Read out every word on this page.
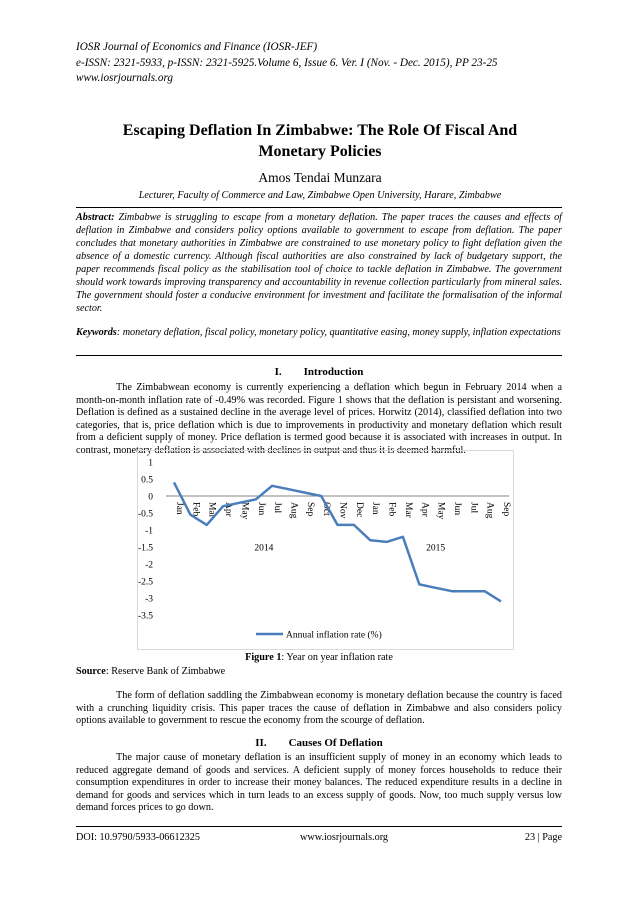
IOSR Journal of Economics and Finance (IOSR-JEF)
e-ISSN: 2321-5933, p-ISSN: 2321-5925.Volume 6, Issue 6. Ver. I (Nov. - Dec. 2015), PP 23-25
www.iosrjournals.org
Escaping Deflation In Zimbabwe: The Role Of Fiscal And
Monetary Policies
Amos Tendai Munzara
Lecturer, Faculty of Commerce and Law, Zimbabwe Open University, Harare, Zimbabwe
Abstract: Zimbabwe is struggling to escape from a monetary deflation. The paper traces the causes and effects of deflation in Zimbabwe and considers policy options available to government to escape from deflation. The paper concludes that monetary authorities in Zimbabwe are constrained to use monetary policy to fight deflation given the absence of a domestic currency. Although fiscal authorities are also constrained by lack of budgetary support, the paper recommends fiscal policy as the stabilisation tool of choice to tackle deflation in Zimbabwe. The government should work towards improving transparency and accountability in revenue collection particularly from mineral sales. The government should foster a conducive environment for investment and facilitate the formalisation of the informal sector.
Keywords: monetary deflation, fiscal policy, monetary policy, quantitative easing, money supply, inflation expectations
I. Introduction
The Zimbabwean economy is currently experiencing a deflation which begun in February 2014 when a month-on-month inflation rate of -0.49% was recorded. Figure 1 shows that the deflation is persistant and worsening. Deflation is defined as a sustained decline in the average level of prices. Horwitz (2014), classified deflation into two categories, that is, price deflation which is due to improvements in productivity and monetary deflation which result from a deficient supply of money. Price deflation is termed good because it is associated with increases in output. In contrast, monetary deflation is associated with declines in output and thus it is deemed harmful.
1
0.5
0
-0.5
-1
-1.5
-2
-2.5
-3
-3.5
Jan Feb Mar Apr May Jun Jul Aug Sep Oct Nov Dec Jan Feb Mar Apr May Jun Jul Aug Sep
2014	2015
Annual inflation rate (%)
Figure 1: Year on year inflation rate
Source: Reserve Bank of Zimbabwe
The form of deflation saddling the Zimbabwean economy is monetary deflation because the country is faced with a crunching liquidity crisis. This paper traces the cause of deflation in Zimbabwe and also considers policy options available to government to rescue the economy from the scourge of deflation.
II. Causes Of Deflation
The major cause of monetary deflation is an insufficient supply of money in an economy which leads to reduced aggregate demand of goods and services. A deficient supply of money forces households to reduce their consumption expenditures in order to increase their money balances. The reduced expenditure results in a decline in demand for goods and services which in turn leads to an excess supply of goods. Now, too much supply versus low demand forces prices to go down.
DOI: 10.9790/5933-06612325	www.iosrjournals.org	23 | Page
